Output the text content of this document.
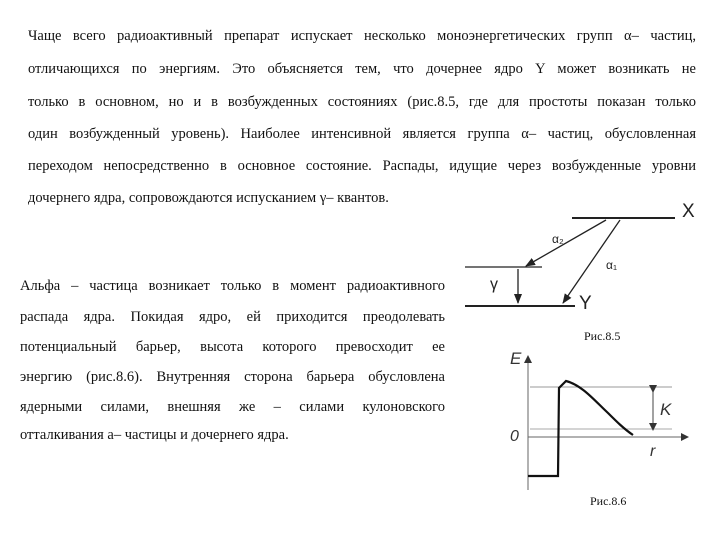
Чаще всего радиоактивный препарат испускает несколько моноэнергетических групп α– частиц,
отличающихся по энергиям. Это объясняется тем, что дочернее ядро Y может возникать не
только в основном, но и в возбужденных состояниях (рис.8.5, где для простоты показан только
один возбужденный уровень). Наиболее интенсивной является группа α– частиц, обусловленная
переходом непосредственно в основное состояние. Распады, идущие через возбужденные уровни
дочернего ядра, сопровождаются испусканием γ– квантов.
Альфа – частица возникает только в момент радиоактивного
распада ядра. Покидая ядро, ей приходится преодолевать
потенциальный барьер, высота которого превосходит ее
энергию (рис.8.6). Внутренняя сторона барьера обусловлена
ядерными силами, внешняя же – силами кулоновского
отталкивания a– частицы и дочернего ядра.
X
Y
α₂
α₁
γ
Рис.8.5
E
r
0
K
Рис.8.6
